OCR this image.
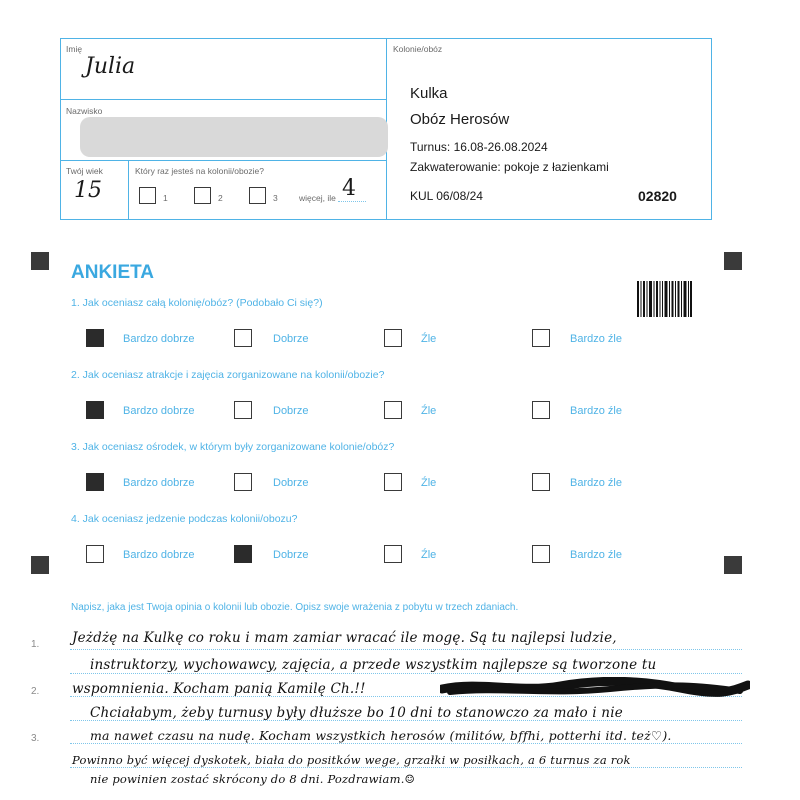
Imię
Julia
Nazwisko
Twój wiek
15
Który raz jesteś na kolonii/obozie?
1	2	3	więcej, ile 4
Kolonie/obóz
Kulka
Obóz Herosów
Turnus: 16.08-26.08.2024
Zakwaterowanie: pokoje z łazienkami
KUL 06/08/24	02820
ANKIETA
1. Jak oceniasz całą kolonię/obóz? (Podobało Ci się?)
Bardzo dobrze	Dobrze	Źle	Bardzo źle
2. Jak oceniasz atrakcje i zajęcia zorganizowane na kolonii/obozie?
Bardzo dobrze	Dobrze	Źle	Bardzo źle
3. Jak oceniasz ośrodek, w którym były zorganizowane kolonie/obóz?
Bardzo dobrze	Dobrze	Źle	Bardzo źle
4. Jak oceniasz jedzenie podczas kolonii/obozu?
Bardzo dobrze	Dobrze	Źle	Bardzo źle
Napisz, jaka jest Twoja opinia o kolonii lub obozie. Opisz swoje wrażenia z pobytu w trzech zdaniach.
1.
2.
3.
Jeżdżę na Kulkę co roku i mam zamiar wracać ile mogę. Są tu najlepsi ludzie,
instruktorzy, wychowawcy, zajęcia, a przede wszystkim najlepsze są tworzone tu
wspomnienia. Kocham panią Kamilę Ch.!!
Chciałabym, żeby turnusy były dłuższe bo 10 dni to stanowczo za mało i nie
ma nawet czasu na nudę. Kocham wszystkich herosów (militów, bffhi, potterhi itd. też♡).
Powinno być więcej dyskotek, biała do positków wege, grzałki w posiłkach, a 6 turnus za rok
nie powinien zostać skrócony do 8 dni. Pozdrawiam.☺
